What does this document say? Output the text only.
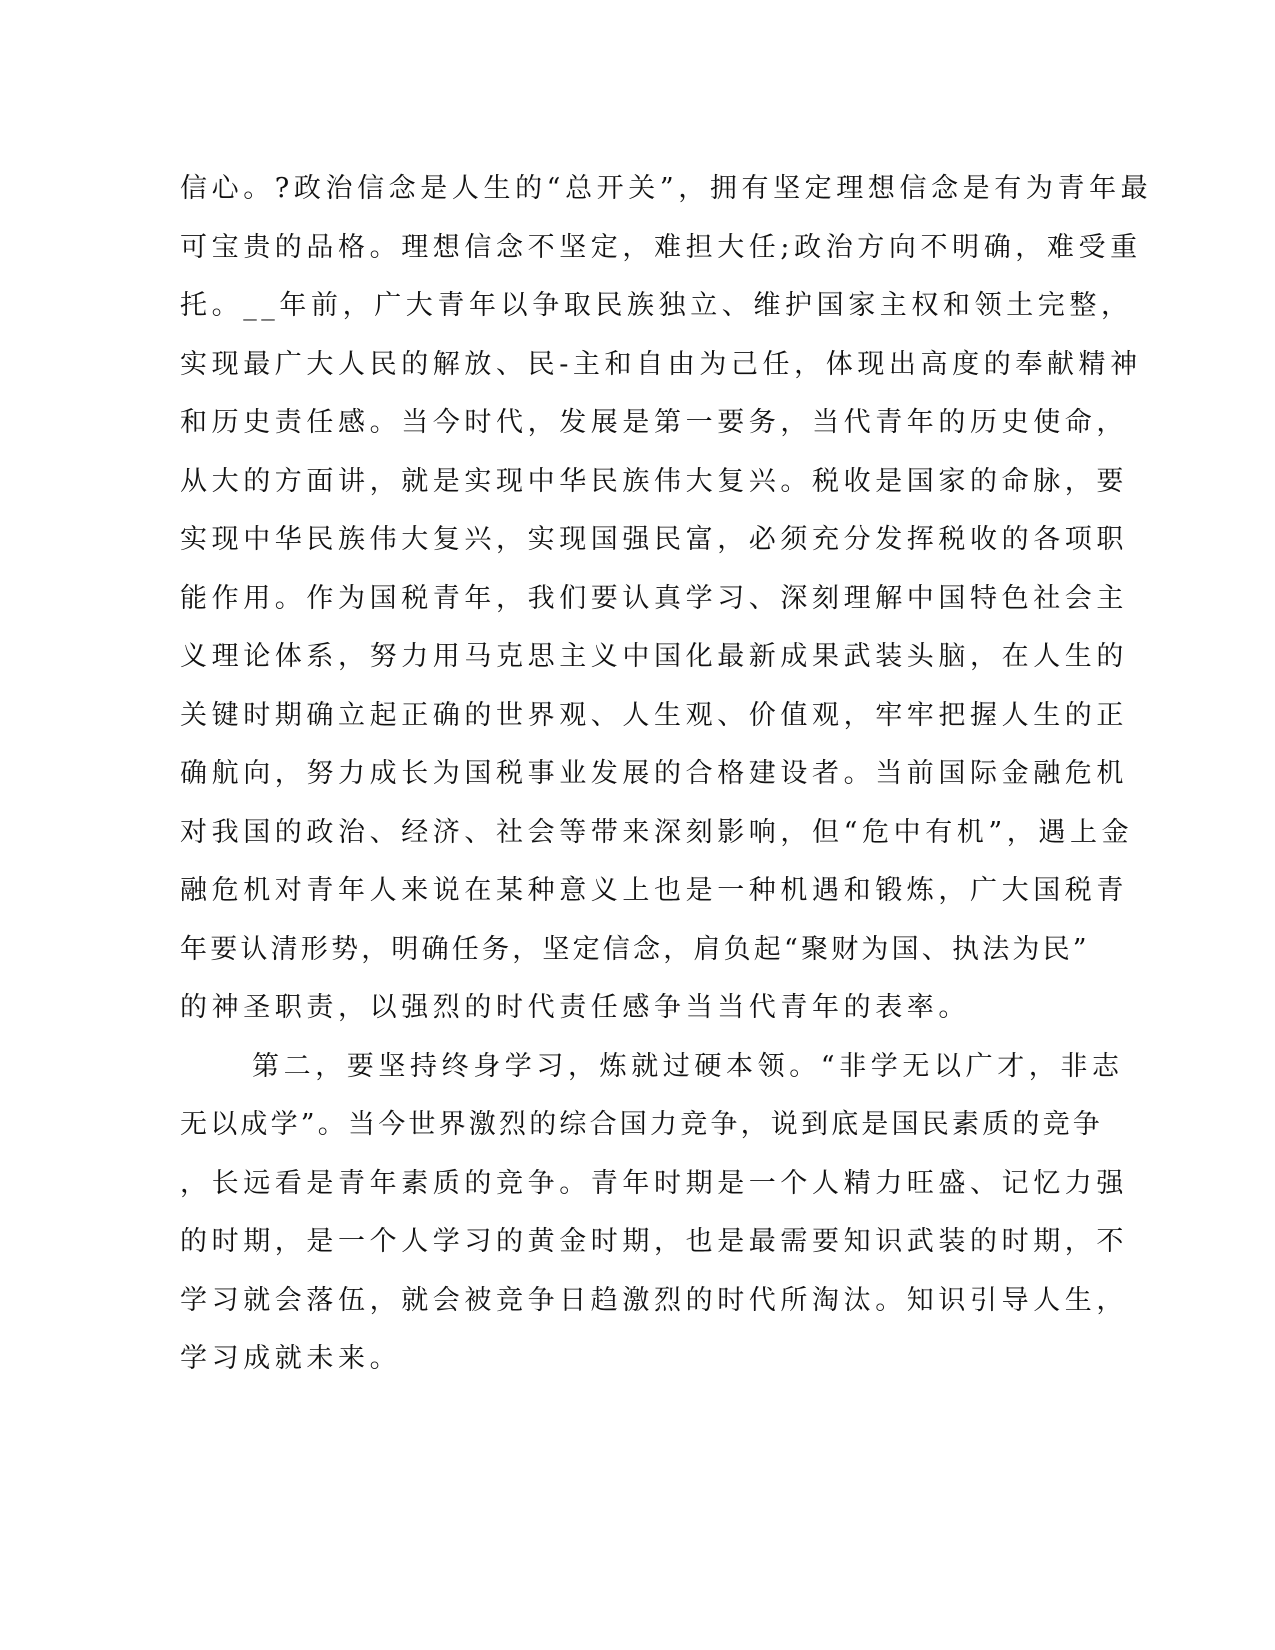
信心。?政治信念是人生的“总开关”，拥有坚定理想信念是有为青年最
可宝贵的品格。理想信念不坚定，难担大任;政治方向不明确，难受重
托。__年前，广大青年以争取民族独立、维护国家主权和领土完整，
实现最广大人民的解放、民-主和自由为己任，体现出高度的奉献精神
和历史责任感。当今时代，发展是第一要务，当代青年的历史使命，
从大的方面讲，就是实现中华民族伟大复兴。税收是国家的命脉，要
实现中华民族伟大复兴，实现国强民富，必须充分发挥税收的各项职
能作用。作为国税青年，我们要认真学习、深刻理解中国特色社会主
义理论体系，努力用马克思主义中国化最新成果武装头脑，在人生的
关键时期确立起正确的世界观、人生观、价值观，牢牢把握人生的正
确航向，努力成长为国税事业发展的合格建设者。当前国际金融危机
对我国的政治、经济、社会等带来深刻影响，但“危中有机”，遇上金
融危机对青年人来说在某种意义上也是一种机遇和锻炼，广大国税青
年要认清形势，明确任务，坚定信念，肩负起“聚财为国、执法为民”
的神圣职责，以强烈的时代责任感争当当代青年的表率。
第二，要坚持终身学习，炼就过硬本领。“非学无以广才，非志
无以成学”。当今世界激烈的综合国力竞争，说到底是国民素质的竞争
，长远看是青年素质的竞争。青年时期是一个人精力旺盛、记忆力强
的时期，是一个人学习的黄金时期，也是最需要知识武装的时期，不
学习就会落伍，就会被竞争日趋激烈的时代所淘汰。知识引导人生，
学习成就未来。
